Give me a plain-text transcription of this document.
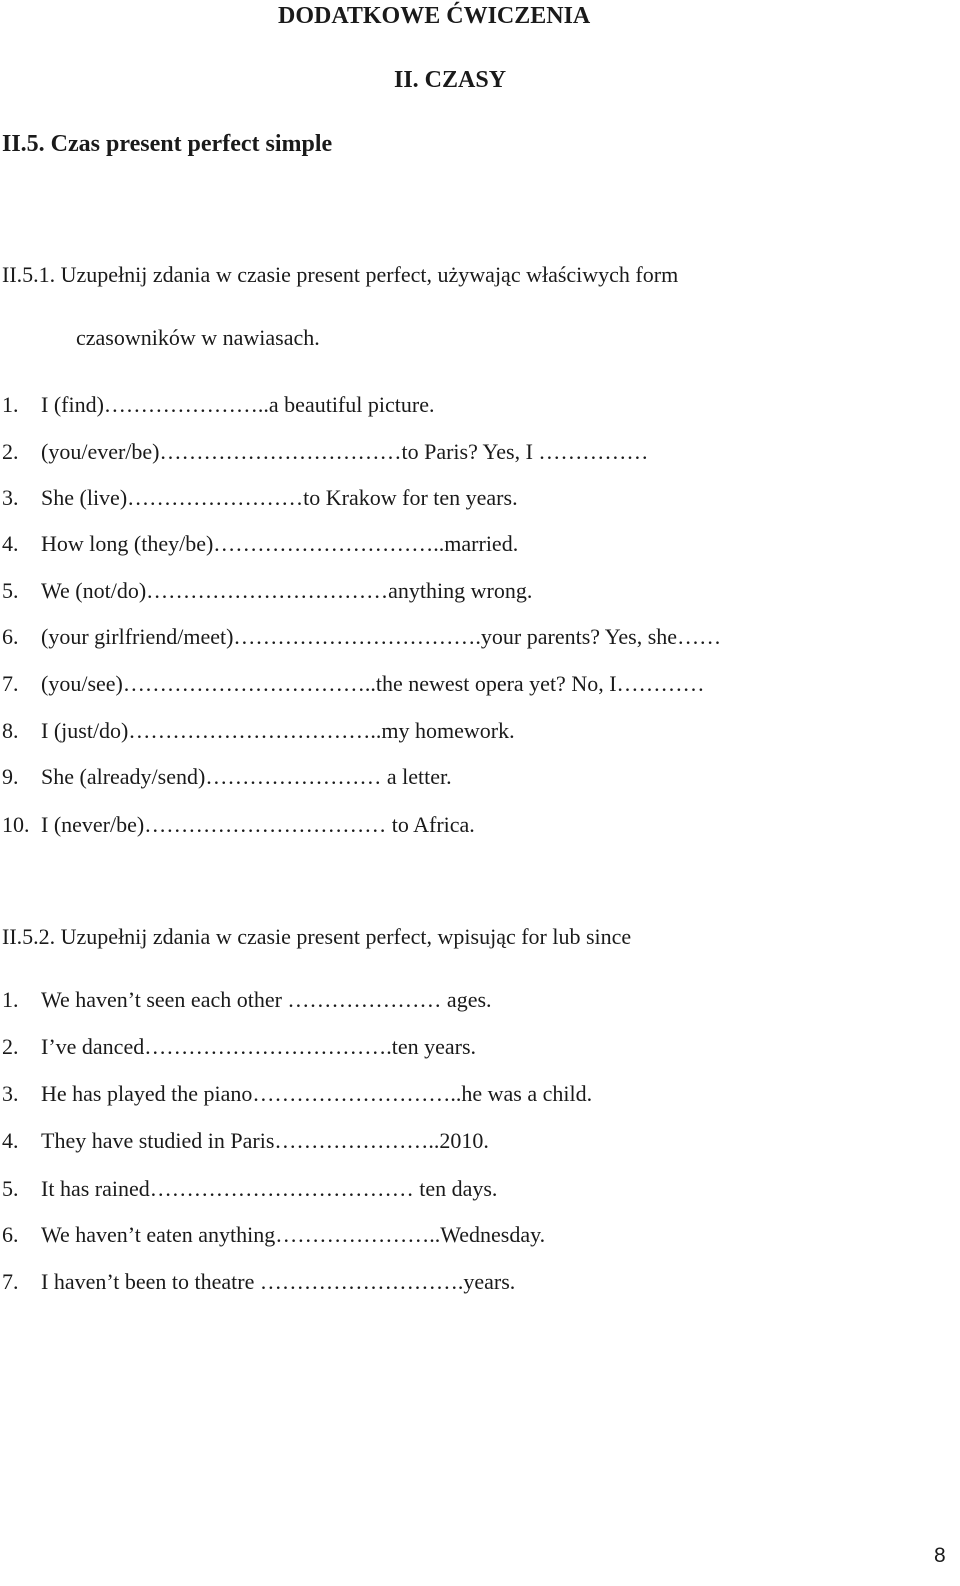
DODATKOWE ĆWICZENIA
II. CZASY
II.5. Czas present perfect simple
II.5.1. Uzupełnij zdania w czasie present perfect, używając właściwych form
czasowników w nawiasach.
1. I (find)…………………..a beautiful picture.
2. (you/ever/be)……………………………to Paris? Yes, I ……………
3. She (live)……………………to Krakow for ten years.
4. How long (they/be)…………………………..married.
5. We (not/do)……………………………anything wrong.
6. (your girlfriend/meet)…………………………….your parents? Yes, she……
7. (you/see)……………………………..the newest opera yet? No, I…………
8. I (just/do)……………………………..my homework.
9. She (already/send)…………………… a letter.
10. I (never/be)…………………………… to Africa.
II.5.2. Uzupełnij zdania w czasie present perfect, wpisując for lub since
1. We haven’t seen each other ………………… ages.
2. I’ve danced…………………………….ten years.
3. He has played the piano………………………..he was a child.
4. They have studied in Paris…………………..2010.
5. It has rained……………………………… ten days.
6. We haven’t eaten anything…………………..Wednesday.
7. I haven’t been to theatre ……………………….years.
8
